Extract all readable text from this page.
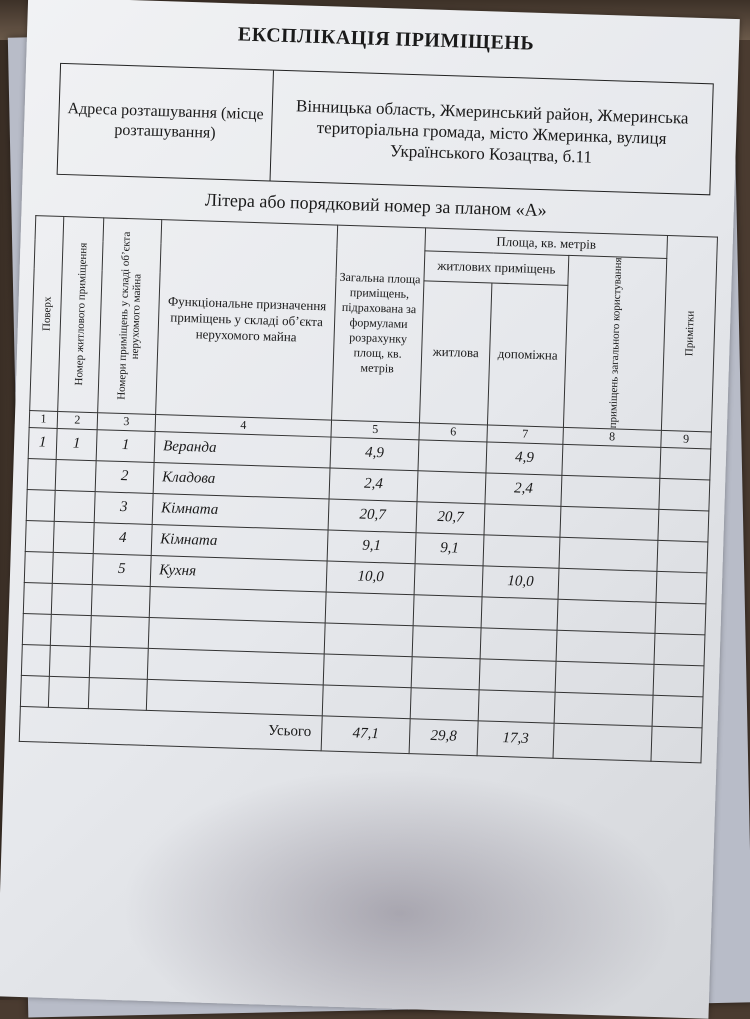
ЕКСПЛІКАЦІЯ ПРИМІЩЕНЬ
Адреса розташування (місце розташування)
Вінницька область, Жмеринський район, Жмеринська територіальна громада, місто Жмеринка, вулиця Українського Козацтва, б.11
Літера або порядковий номер за планом «А»
Поверх	Номер житлового приміщення	Номери приміщень у складі об’єкта нерухомого майна	Функціональне призначення приміщень у складі об’єкта нерухомого майна	Загальна площа приміщень, підрахована за формулами розрахунку площ, кв. метрів	Площа, кв. метрів			Примітки

					житлових приміщень		приміщень загального користування	

					житлова	допоміжна		
1	2	3	4	5	6	7	8	9
1	1	1	Веранда	4,9		4,9		
		2	Кладова	2,4		2,4		
		3	Кімната	20,7	20,7			
		4	Кімната	9,1	9,1			
		5	Кухня	10,0		10,0		

Усього				47,1	29,8	17,3		
